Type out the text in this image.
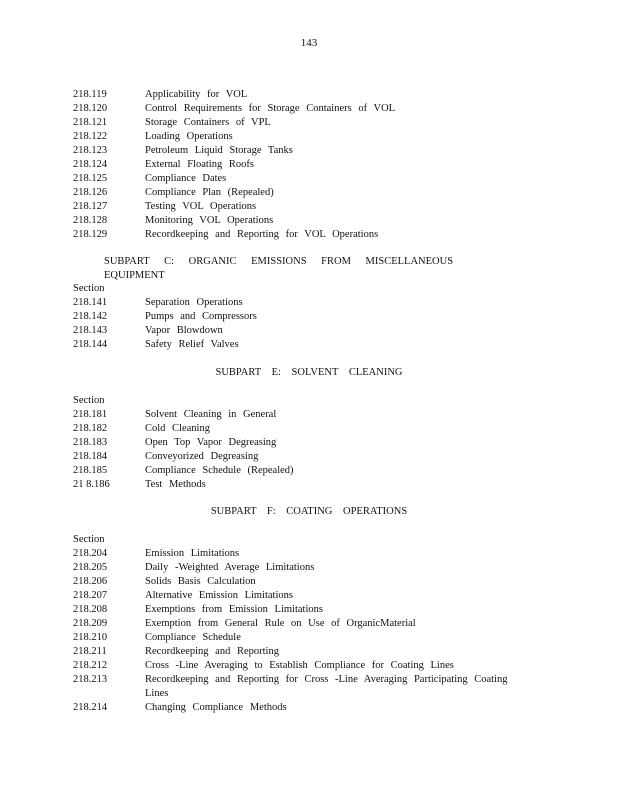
143
218.119	Applicability for VOL
218.120	Control Requirements for Storage Containers of VOL
218.121	Storage Containers of VPL
218.122	Loading Operations
218.123	Petroleum Liquid Storage Tanks
218.124	External Floating Roofs
218.125	Compliance Dates
218.126	Compliance Plan (Repealed)
218.127	Testing VOL Operations
218.128	Monitoring VOL Operations
218.129	Recordkeeping and Reporting for VOL Operations
SUBPART C: ORGANIC EMISSIONS FROM MISCELLANEOUS EQUIPMENT
Section
218.141	Separation Operations
218.142	Pumps and Compressors
218.143	Vapor Blowdown
218.144	Safety Relief Valves
SUBPART E: SOLVENT CLEANING
Section
218.181	Solvent Cleaning in General
218.182	Cold Cleaning
218.183	Open Top Vapor Degreasing
218.184	Conveyorized Degreasing
218.185	Compliance Schedule (Repealed)
21 8.186	Test Methods
SUBPART F: COATING OPERATIONS
Section
218.204	Emission Limitations
218.205	Daily -Weighted Average Limitations
218.206	Solids Basis Calculation
218.207	Alternative Emission Limitations
218.208	Exemptions from Emission Limitations
218.209	Exemption from General Rule on Use of OrganicMaterial
218.210	Compliance Schedule
218.211	Recordkeeping and Reporting
218.212	Cross -Line Averaging to Establish Compliance for Coating Lines
218.213	Recordkeeping and Reporting for Cross -Line Averaging Participating Coating Lines
218.214	Changing Compliance Methods
